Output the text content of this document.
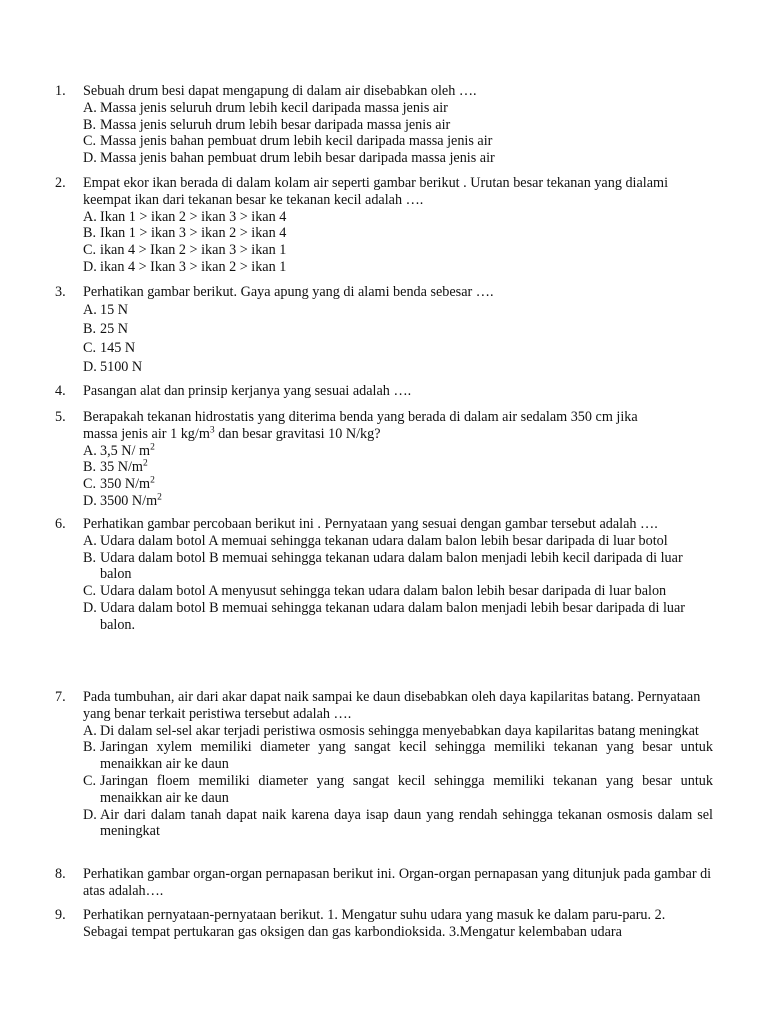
1. Sebuah drum besi dapat mengapung di dalam air disebabkan oleh ….
A. Massa jenis seluruh drum lebih kecil daripada massa jenis air
B. Massa jenis seluruh drum lebih besar daripada massa jenis air
C. Massa jenis bahan pembuat drum lebih kecil daripada massa jenis air
D. Massa jenis bahan pembuat drum lebih besar daripada massa jenis air
2. Empat ekor ikan berada di dalam kolam air seperti gambar berikut . Urutan besar tekanan yang dialami keempat ikan dari tekanan besar ke tekanan kecil adalah ….
A. Ikan 1 > ikan 2 > ikan 3 > ikan 4
B. Ikan 1 > ikan 3 > ikan 2 > ikan 4
C. ikan 4 > Ikan 2 > ikan 3 > ikan 1
D. ikan 4 > Ikan 3 > ikan 2 > ikan 1
3. Perhatikan gambar berikut. Gaya apung yang di alami benda sebesar ….
A. 15 N
B. 25 N
C. 145 N
D. 5100 N
4. Pasangan alat dan prinsip kerjanya yang sesuai adalah ….
5. Berapakah tekanan hidrostatis yang diterima benda yang berada di dalam air sedalam 350 cm jika
massa jenis air 1 $kg/m^3$ dan besar gravitasi 10 N/kg?
A. 3,5 N/ $m^2$
B. 35 $N/m^2$
C. 350 $N/m^2$
D. 3500 $N/m^2$
6. Perhatikan gambar percobaan berikut ini . Pernyataan yang sesuai dengan gambar tersebut adalah ….
A. Udara dalam botol A memuai sehingga tekanan udara dalam balon lebih besar daripada di luar botol
B. Udara dalam botol B memuai sehingga tekanan udara dalam balon menjadi lebih kecil daripada di luar balon
C. Udara dalam botol A menyusut sehingga tekan udara dalam balon lebih besar daripada di luar balon
D. Udara dalam botol B memuai sehingga tekanan udara dalam balon menjadi lebih besar daripada di luar balon.
7. Pada tumbuhan, air dari akar dapat naik sampai ke daun disebabkan oleh daya kapilaritas batang. Pernyataan yang benar terkait peristiwa tersebut adalah ….
A. Di dalam sel-sel akar terjadi peristiwa osmosis sehingga menyebabkan daya kapilaritas batang meningkat
B. Jaringan xylem memiliki diameter yang sangat kecil sehingga memiliki tekanan yang besar untuk menaikkan air ke daun
C. Jaringan floem memiliki diameter yang sangat kecil sehingga memiliki tekanan yang besar untuk menaikkan air ke daun
D. Air dari dalam tanah dapat naik karena daya isap daun yang rendah sehingga tekanan osmosis dalam sel meningkat
8. Perhatikan gambar organ-organ pernapasan berikut ini. Organ-organ pernapasan yang ditunjuk pada gambar di atas adalah….
9. Perhatikan pernyataan-pernyataan berikut. 1. Mengatur suhu udara yang masuk ke dalam paru-paru. 2. Sebagai tempat pertukaran gas oksigen dan gas karbondioksida. 3.Mengatur kelembaban udara
